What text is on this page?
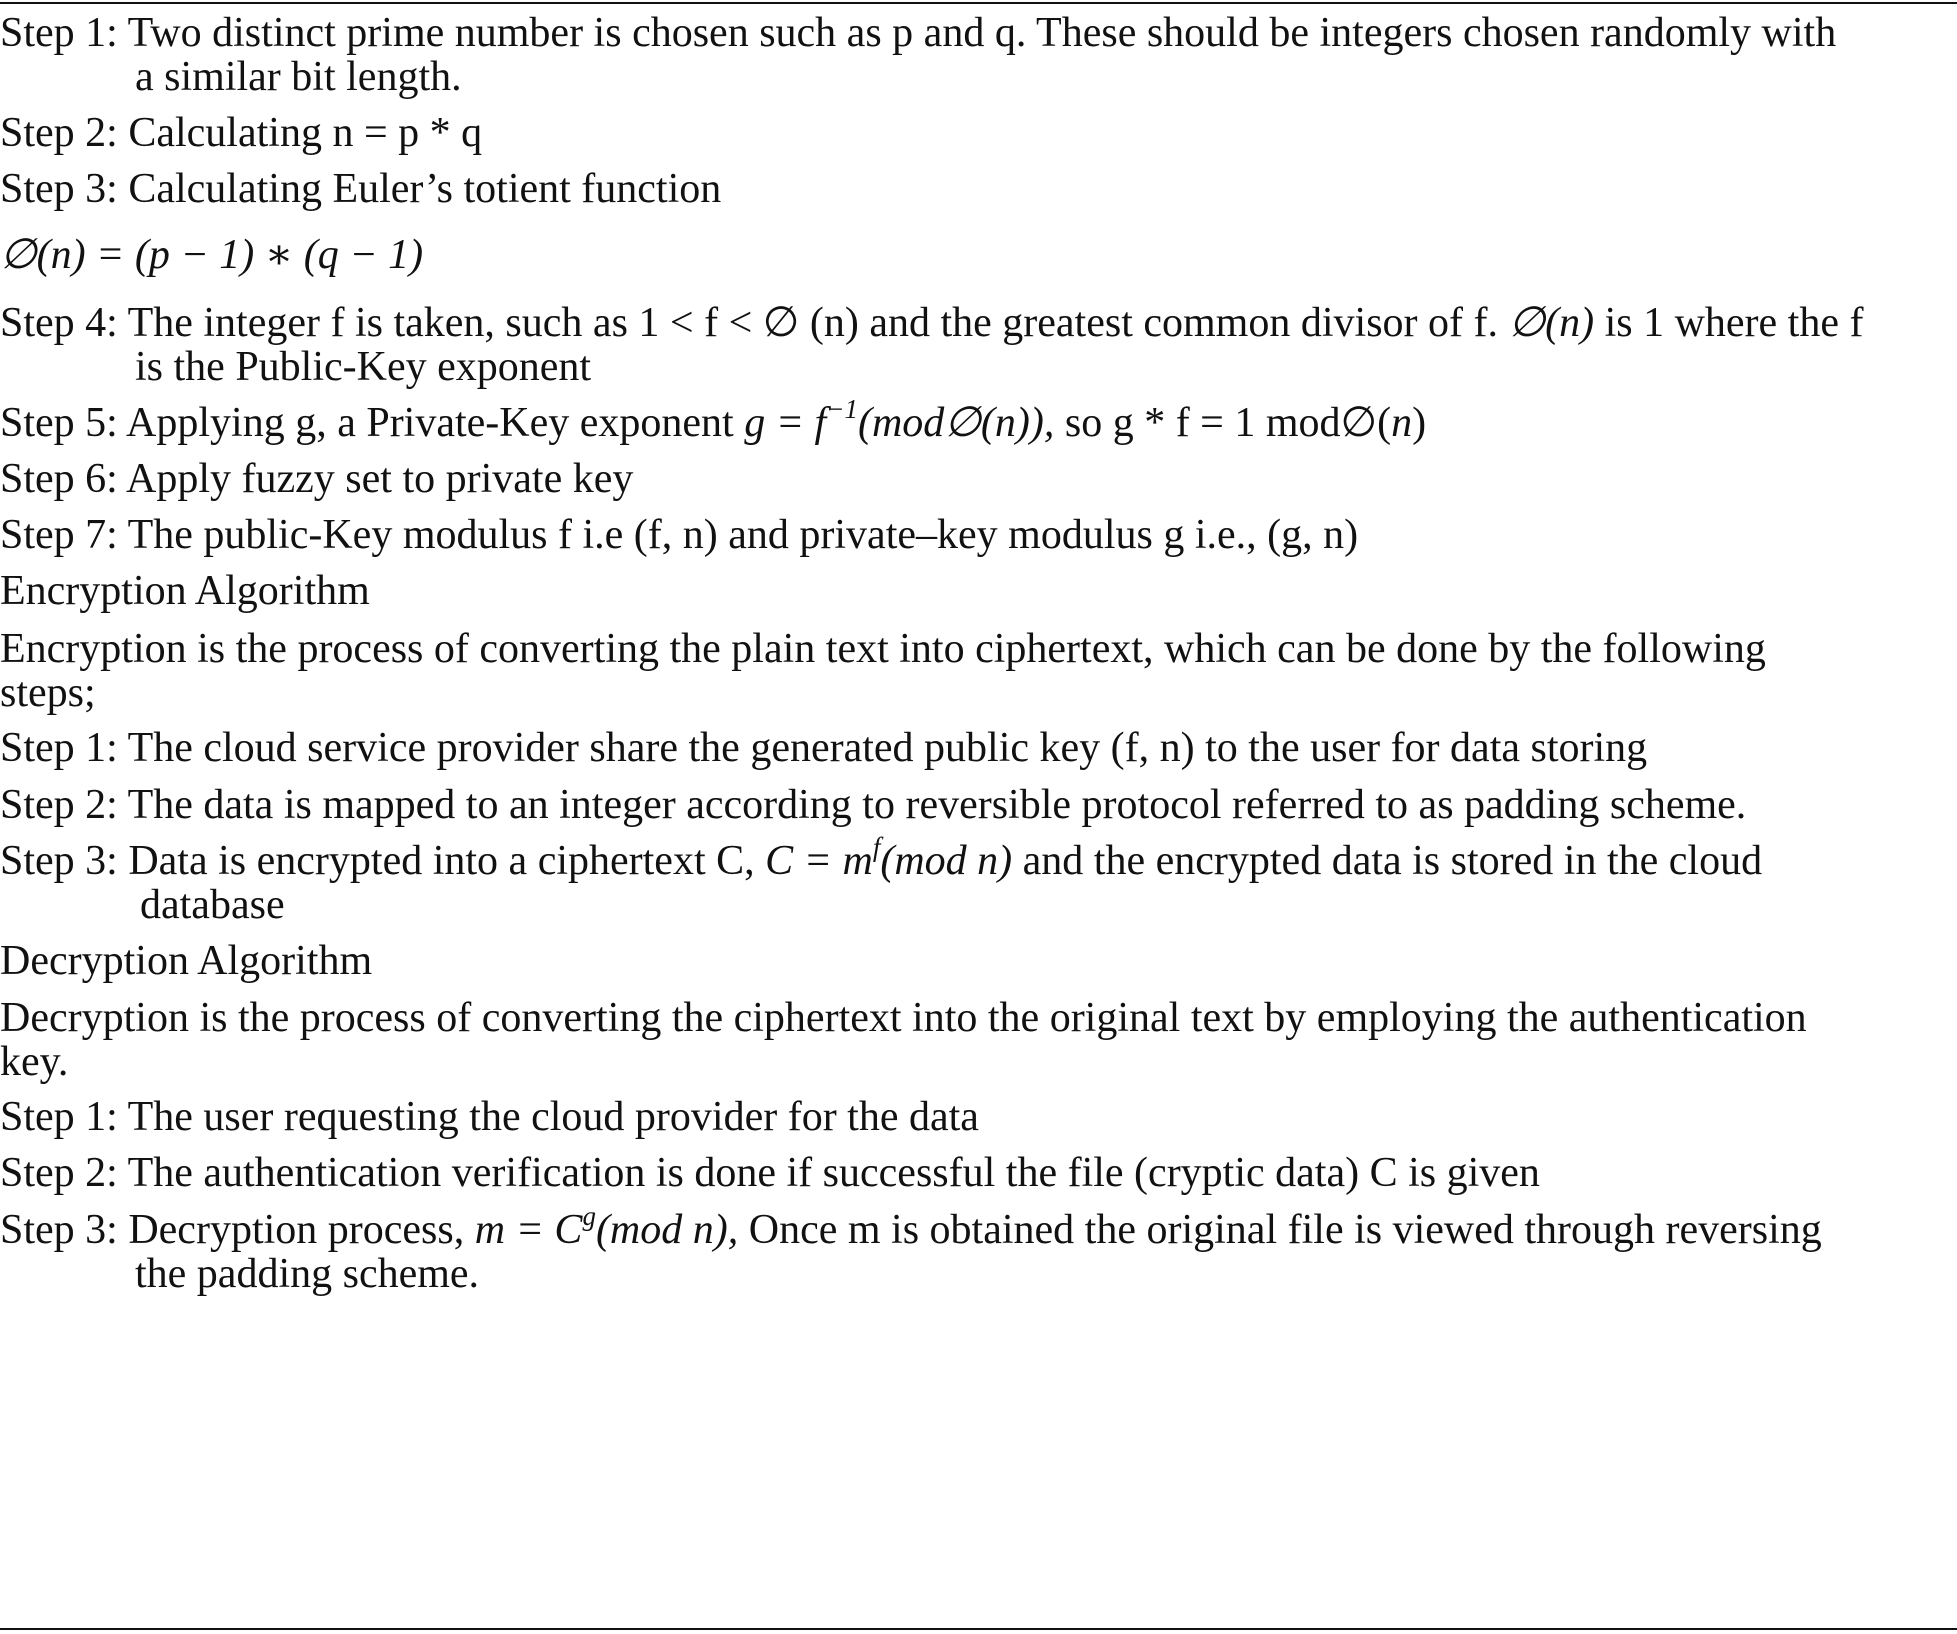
Step 1: Two distinct prime number is chosen such as p and q. These should be integers chosen randomly with
a similar bit length.
Step 2: Calculating n = p * q
Step 3: Calculating Euler’s totient function
∅(n) = (p − 1) ∗ (q − 1)
Step 4: The integer f is taken, such as 1 < f < ∅ (n) and the greatest common divisor of f. ∅(n) is 1 where the f
is the Public-Key exponent
Step 5: Applying g, a Private-Key exponent $g = f^{-1}(mod\emptyset(n))$, so g * f = 1 mod∅(n)
Step 6: Apply fuzzy set to private key
Step 7: The public-Key modulus f i.e (f, n) and private–key modulus g i.e., (g, n)
Encryption Algorithm
Encryption is the process of converting the plain text into ciphertext, which can be done by the following
steps;
Step 1: The cloud service provider share the generated public key (f, n) to the user for data storing
Step 2: The data is mapped to an integer according to reversible protocol referred to as padding scheme.
Step 3: Data is encrypted into a ciphertext C, $C = m^f(mod$ n) and the encrypted data is stored in the cloud
database
Decryption Algorithm
Decryption is the process of converting the ciphertext into the original text by employing the authentication
key.
Step 1: The user requesting the cloud provider for the data
Step 2: The authentication verification is done if successful the file (cryptic data) C is given
Step 3: Decryption process, $m = C^g(mod$ n), Once m is obtained the original file is viewed through reversing
the padding scheme.
